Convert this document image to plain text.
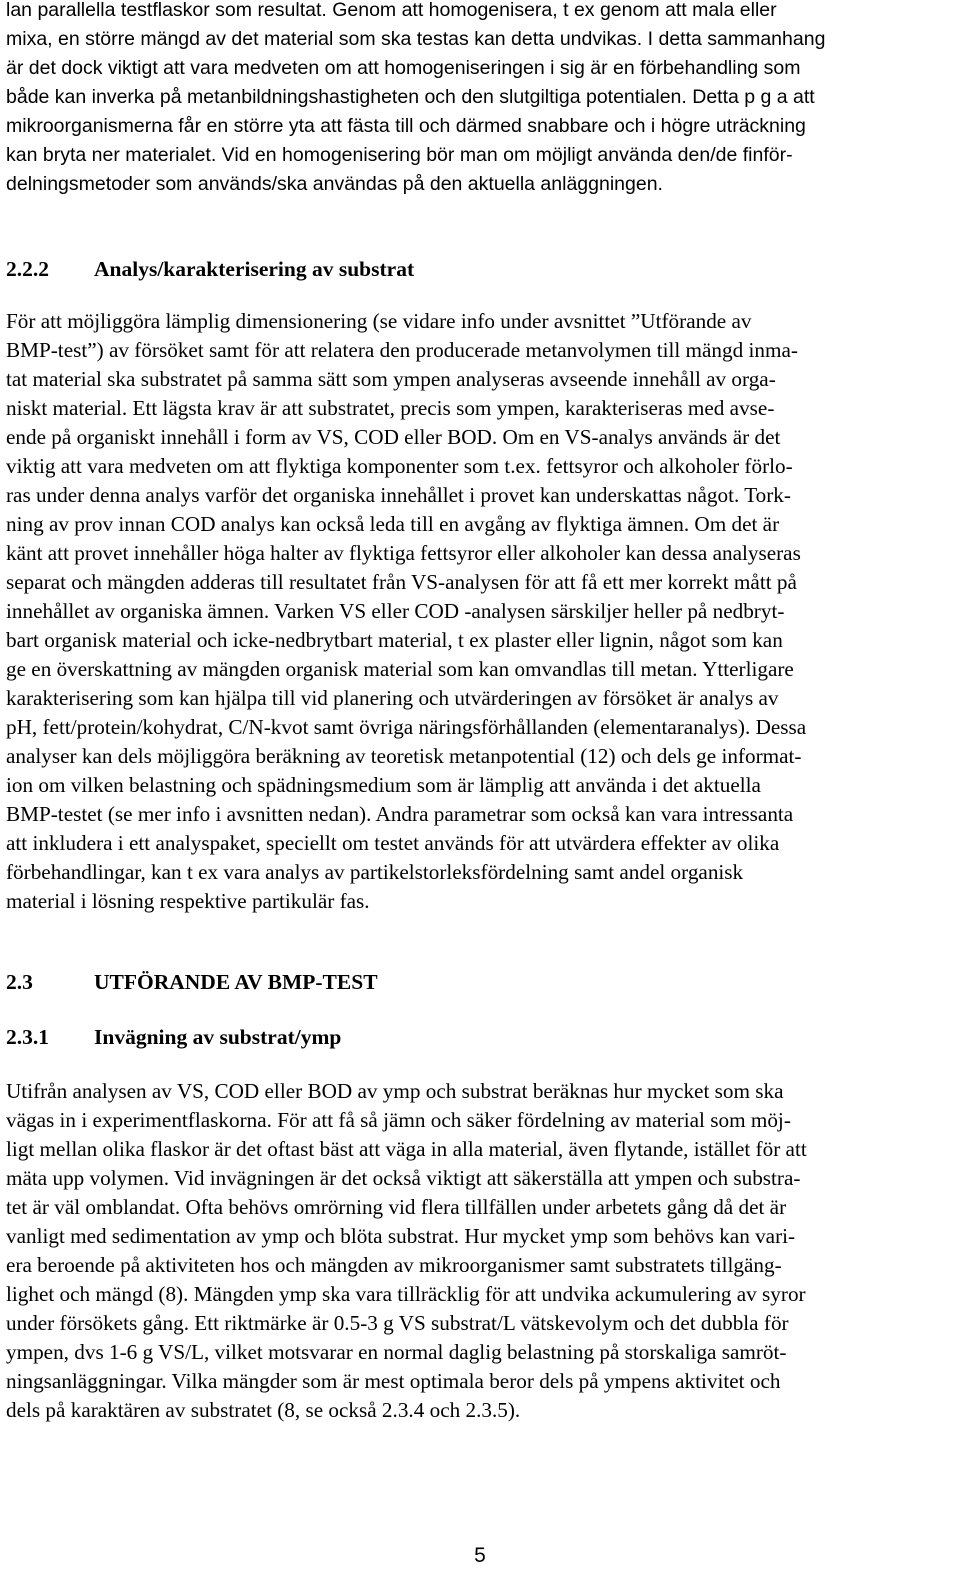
lan parallella testflaskor som resultat. Genom att homogenisera, t ex genom att mala eller
mixa, en större mängd av det material som ska testas kan detta undvikas. I detta sammanhang
är det dock viktigt att vara medveten om att homogeniseringen i sig är en förbehandling som
både kan inverka på metanbildningshastigheten och den slutgiltiga potentialen. Detta p g a att
mikroorganismerna får en större yta att fästa till och därmed snabbare och i högre uträckning
kan bryta ner materialet. Vid en homogenisering bör man om möjligt använda den/de finför-
delningsmetoder som används/ska användas på den aktuella anläggningen.
2.2.2 Analys/karakterisering av substrat
För att möjliggöra lämplig dimensionering (se vidare info under avsnittet ”Utförande av
BMP-test”) av försöket samt för att relatera den producerade metanvolymen till mängd inma-
tat material ska substratet på samma sätt som ympen analyseras avseende innehåll av orga-
niskt material. Ett lägsta krav är att substratet, precis som ympen, karakteriseras med avse-
ende på organiskt innehåll i form av VS, COD eller BOD. Om en VS-analys används är det
viktig att vara medveten om att flyktiga komponenter som t.ex. fettsyror och alkoholer förlo-
ras under denna analys varför det organiska innehållet i provet kan underskattas något. Tork-
ning av prov innan COD analys kan också leda till en avgång av flyktiga ämnen. Om det är
känt att provet innehåller höga halter av flyktiga fettsyror eller alkoholer kan dessa analyseras
separat och mängden adderas till resultatet från VS-analysen för att få ett mer korrekt mått på
innehållet av organiska ämnen. Varken VS eller COD -analysen särskiljer heller på nedbryt-
bart organisk material och icke-nedbrytbart material, t ex plaster eller lignin, något som kan
ge en överskattning av mängden organisk material som kan omvandlas till metan. Ytterligare
karakterisering som kan hjälpa till vid planering och utvärderingen av försöket är analys av
pH, fett/protein/kohydrat, C/N-kvot samt övriga näringsförhållanden (elementaranalys). Dessa
analyser kan dels möjliggöra beräkning av teoretisk metanpotential (12) och dels ge informat-
ion om vilken belastning och spädningsmedium som är lämplig att använda i det aktuella
BMP-testet (se mer info i avsnitten nedan). Andra parametrar som också kan vara intressanta
att inkludera i ett analyspaket, speciellt om testet används för att utvärdera effekter av olika
förbehandlingar, kan t ex vara analys av partikelstorleksfördelning samt andel organisk
material i lösning respektive partikulär fas.
2.3	UTFÖRANDE AV BMP-TEST
2.3.1 Invägning av substrat/ymp
Utifrån analysen av VS, COD eller BOD av ymp och substrat beräknas hur mycket som ska
vägas in i experimentflaskorna. För att få så jämn och säker fördelning av material som möj-
ligt mellan olika flaskor är det oftast bäst att väga in alla material, även flytande, istället för att
mäta upp volymen. Vid invägningen är det också viktigt att säkerställa att ympen och substra-
tet är väl omblandat. Ofta behövs omrörning vid flera tillfällen under arbetets gång då det är
vanligt med sedimentation av ymp och blöta substrat. Hur mycket ymp som behövs kan vari-
era beroende på aktiviteten hos och mängden av mikroorganismer samt substratets tillgäng-
lighet och mängd (8). Mängden ymp ska vara tillräcklig för att undvika ackumulering av syror
under försökets gång. Ett riktmärke är 0.5-3 g VS substrat/L vätskevolym och det dubbla för
ympen, dvs 1-6 g VS/L, vilket motsvarar en normal daglig belastning på storskaliga samröt-
ningsanläggningar. Vilka mängder som är mest optimala beror dels på ympens aktivitet och
dels på karaktären av substratet (8, se också 2.3.4 och 2.3.5).
5
